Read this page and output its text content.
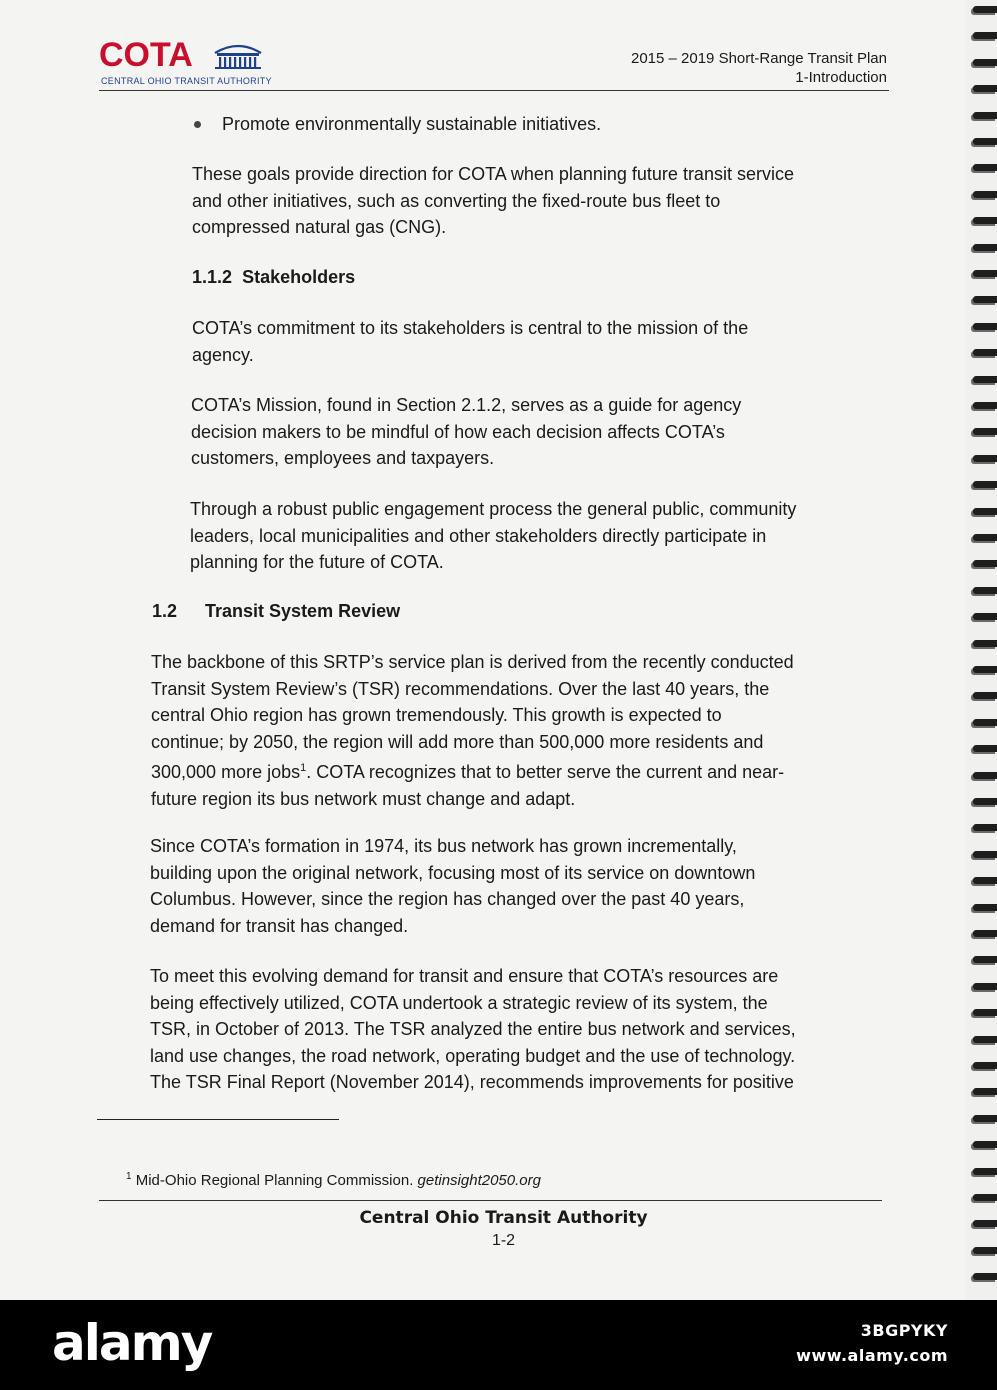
COTA
CENTRAL OHIO TRANSIT AUTHORITY
2015 – 2019 Short-Range Transit Plan
1-Introduction

Promote environmentally sustainable initiatives.

These goals provide direction for COTA when planning future transit service
and other initiatives, such as converting the fixed-route bus fleet to
compressed natural gas (CNG).
1.1.2 Stakeholders
COTA’s commitment to its stakeholders is central to the mission of the
agency.
COTA’s Mission, found in Section 2.1.2, serves as a guide for agency
decision makers to be mindful of how each decision affects COTA’s
customers, employees and taxpayers.
Through a robust public engagement process the general public, community
leaders, local municipalities and other stakeholders directly participate in
planning for the future of COTA.
1.2 Transit System Review
The backbone of this SRTP’s service plan is derived from the recently conducted
Transit System Review’s (TSR) recommendations. Over the last 40 years, the
central Ohio region has grown tremendously. This growth is expected to
continue; by 2050, the region will add more than 500,000 more residents and
300,000 more jobs$^1$. COTA recognizes that to better serve the current and near-
future region its bus network must change and adapt.
Since COTA’s formation in 1974, its bus network has grown incrementally,
building upon the original network, focusing most of its service on downtown
Columbus. However, since the region has changed over the past 40 years,
demand for transit has changed.
To meet this evolving demand for transit and ensure that COTA’s resources are
being effectively utilized, COTA undertook a strategic review of its system, the
TSR, in October of 2013. The TSR analyzed the entire bus network and services,
land use changes, the road network, operating budget and the use of technology.
The TSR Final Report (November 2014), recommends improvements for positive
$^1$ Mid-Ohio Regional Planning Commission. getinsight2050.org
Central Ohio Transit Authority
1-2
alamy	3BGPYKY
www.alamy.com
